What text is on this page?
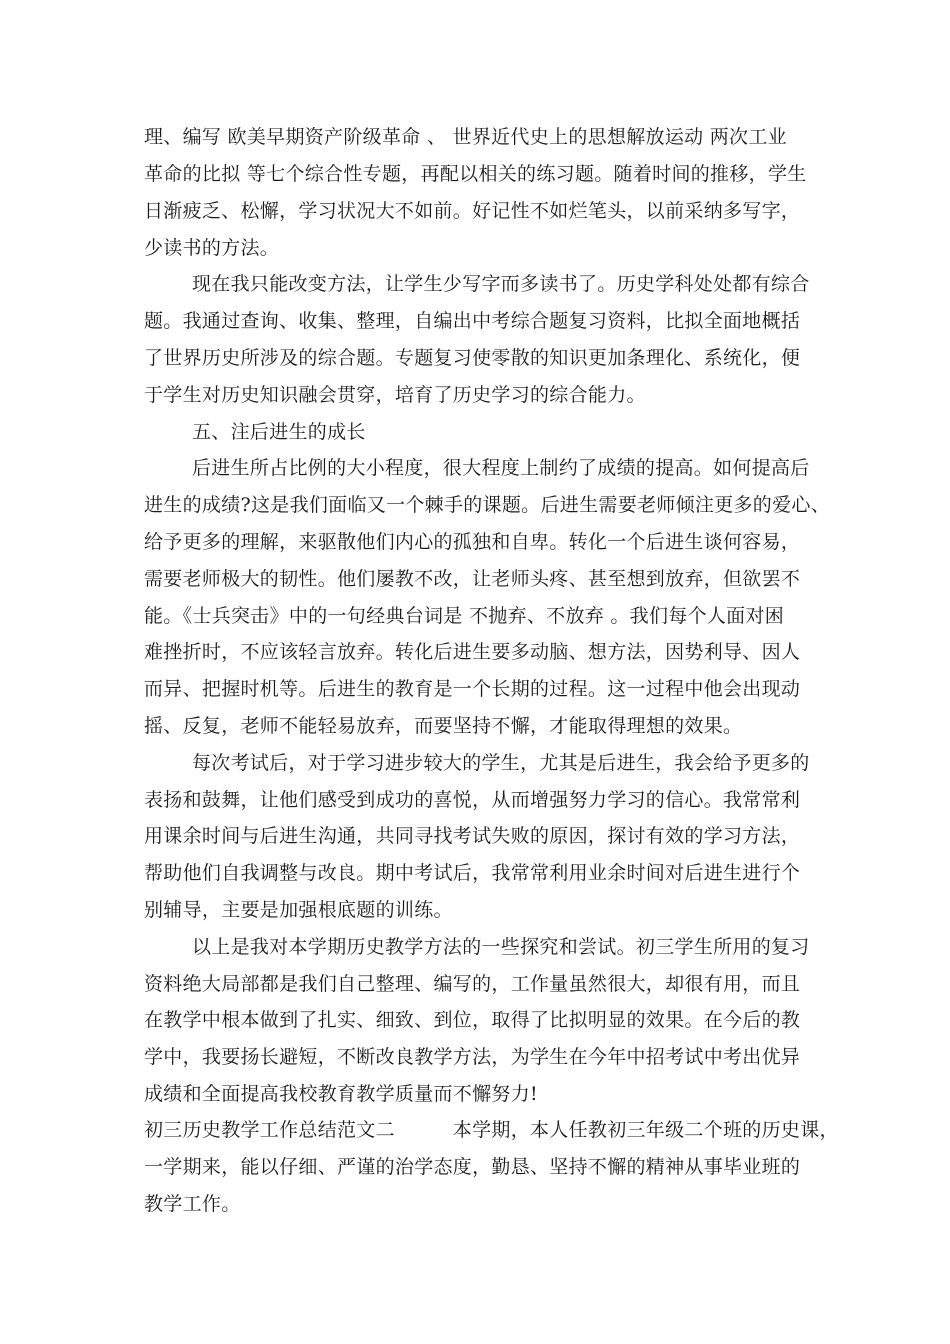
理、编写 欧美早期资产阶级革命 、 世界近代史上的思想解放运动 两次工业
革命的比拟 等七个综合性专题，再配以相关的练习题。随着时间的推移，学生
日渐疲乏、松懈，学习状况大不如前。好记性不如烂笔头，以前采纳多写字，
少读书的方法。
现在我只能改变方法，让学生少写字而多读书了。历史学科处处都有综合
题。我通过查询、收集、整理，自编出中考综合题复习资料，比拟全面地概括
了世界历史所涉及的综合题。专题复习使零散的知识更加条理化、系统化，便
于学生对历史知识融会贯穿，培育了历史学习的综合能力。
五、注后进生的成长
后进生所占比例的大小程度，很大程度上制约了成绩的提高。如何提高后
进生的成绩?这是我们面临又一个棘手的课题。后进生需要老师倾注更多的爱心、
给予更多的理解，来驱散他们内心的孤独和自卑。转化一个后进生谈何容易，
需要老师极大的韧性。他们屡教不改，让老师头疼、甚至想到放弃，但欲罢不
能。《士兵突击》中的一句经典台词是 不抛弃、不放弃 。我们每个人面对困
难挫折时，不应该轻言放弃。转化后进生要多动脑、想方法，因势利导、因人
而异、把握时机等。后进生的教育是一个长期的过程。这一过程中他会出现动
摇、反复，老师不能轻易放弃，而要坚持不懈，才能取得理想的效果。
每次考试后，对于学习进步较大的学生，尤其是后进生，我会给予更多的
表扬和鼓舞，让他们感受到成功的喜悦，从而增强努力学习的信心。我常常利
用课余时间与后进生沟通，共同寻找考试失败的原因，探讨有效的学习方法，
帮助他们自我调整与改良。期中考试后，我常常利用业余时间对后进生进行个
别辅导，主要是加强根底题的训练。
以上是我对本学期历史教学方法的一些探究和尝试。初三学生所用的复习
资料绝大局部都是我们自己整理、编写的，工作量虽然很大，却很有用，而且
在教学中根本做到了扎实、细致、到位，取得了比拟明显的效果。在今后的教
学中，我要扬长避短，不断改良教学方法，为学生在今年中招考试中考出优异
成绩和全面提高我校教育教学质量而不懈努力!
初三历史教学工作总结范文二　　　本学期，本人任教初三年级二个班的历史课，
一学期来，能以仔细、严谨的治学态度，勤恳、坚持不懈的精神从事毕业班的
教学工作。
